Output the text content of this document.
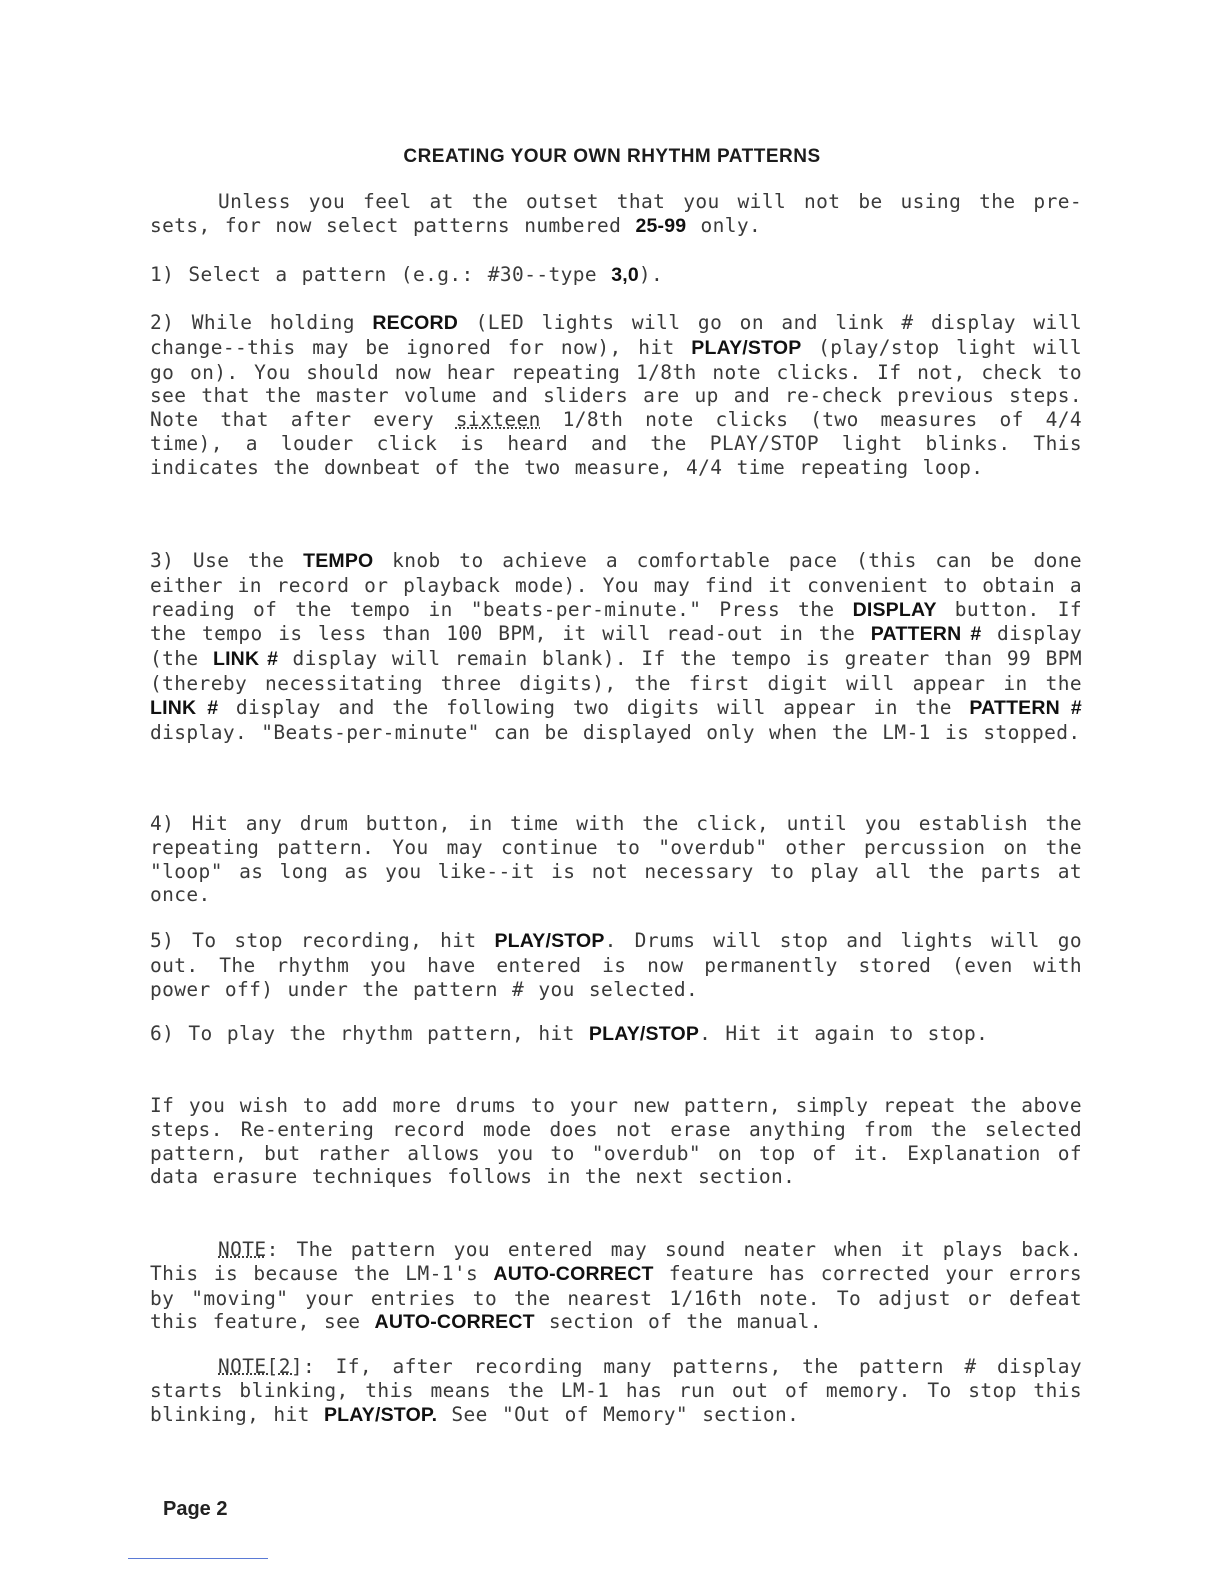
CREATING YOUR OWN RHYTHM PATTERNS
Unless you feel at the outset that you will not be using the pre-sets, for now select patterns numbered 25-99 only.
1) Select a pattern (e.g.: #30--type 3,0).
2) While holding RECORD (LED lights will go on and link # display will change--this may be ignored for now), hit PLAY/STOP (play/stop light will go on). You should now hear repeating 1/8th note clicks. If not, check to see that the master volume and sliders are up and re-check previous steps. Note that after every sixteen 1/8th note clicks (two measures of 4/4 time), a louder click is heard and the PLAY/STOP light blinks. This indicates the downbeat of the two measure, 4/4 time repeating loop.
3) Use the TEMPO knob to achieve a comfortable pace (this can be done either in record or playback mode). You may find it convenient to obtain a reading of the tempo in "beats-per-minute." Press the DISPLAY button. If the tempo is less than 100 BPM, it will read-out in the PATTERN # display (the LINK # display will remain blank). If the tempo is greater than 99 BPM (thereby necessitating three digits), the first digit will appear in the LINK # display and the following two digits will appear in the PATTERN # display. "Beats-per-minute" can be displayed only when the LM-1 is stopped.
4) Hit any drum button, in time with the click, until you establish the repeating pattern. You may continue to "overdub" other percussion on the "loop" as long as you like--it is not necessary to play all the parts at once.
5) To stop recording, hit PLAY/STOP. Drums will stop and lights will go out. The rhythm you have entered is now permanently stored (even with power off) under the pattern # you selected.
6) To play the rhythm pattern, hit PLAY/STOP. Hit it again to stop.
If you wish to add more drums to your new pattern, simply repeat the above steps. Re-entering record mode does not erase anything from the selected pattern, but rather allows you to "overdub" on top of it. Explanation of data erasure techniques follows in the next section.
NOTE: The pattern you entered may sound neater when it plays back. This is because the LM-1's AUTO-CORRECT feature has corrected your errors by "moving" your entries to the nearest 1/16th note. To adjust or defeat this feature, see AUTO-CORRECT section of the manual.
NOTE[2]: If, after recording many patterns, the pattern # display starts blinking, this means the LM-1 has run out of memory. To stop this blinking, hit PLAY/STOP. See "Out of Memory" section.
Page 2
